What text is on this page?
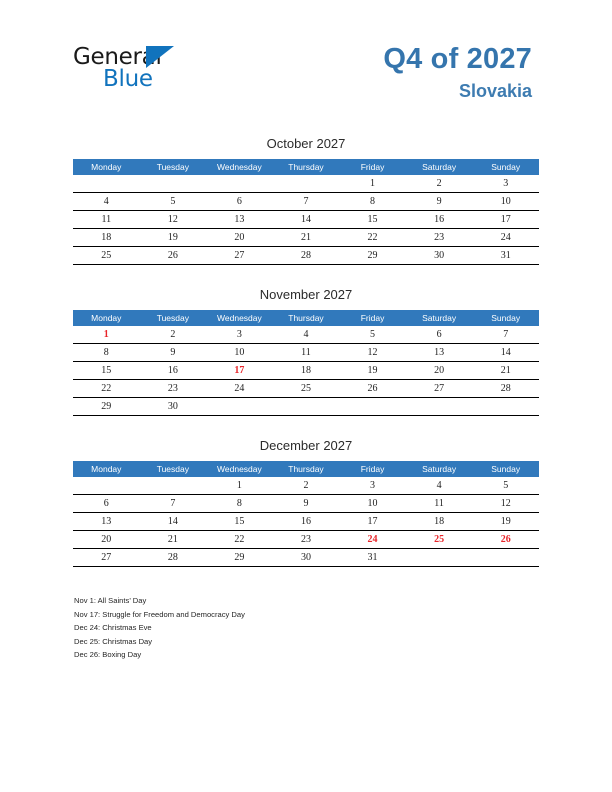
General
Blue
Q4 of 2027
Slovakia
October 2027
Monday	Tuesday	Wednesday	Thursday	Friday	Saturday	Sunday
				1	2	3
4	5	6	7	8	9	10
11	12	13	14	15	16	17
18	19	20	21	22	23	24
25	26	27	28	29	30	31
November 2027
Monday	Tuesday	Wednesday	Thursday	Friday	Saturday	Sunday
1	2	3	4	5	6	7
8	9	10	11	12	13	14
15	16	17	18	19	20	21
22	23	24	25	26	27	28
29	30					
December 2027
Monday	Tuesday	Wednesday	Thursday	Friday	Saturday	Sunday
		1	2	3	4	5
6	7	8	9	10	11	12
13	14	15	16	17	18	19
20	21	22	23	24	25	26
27	28	29	30	31		
Nov 1: All Saints’ Day
Nov 17: Struggle for Freedom and Democracy Day
Dec 24: Christmas Eve
Dec 25: Christmas Day
Dec 26: Boxing Day
